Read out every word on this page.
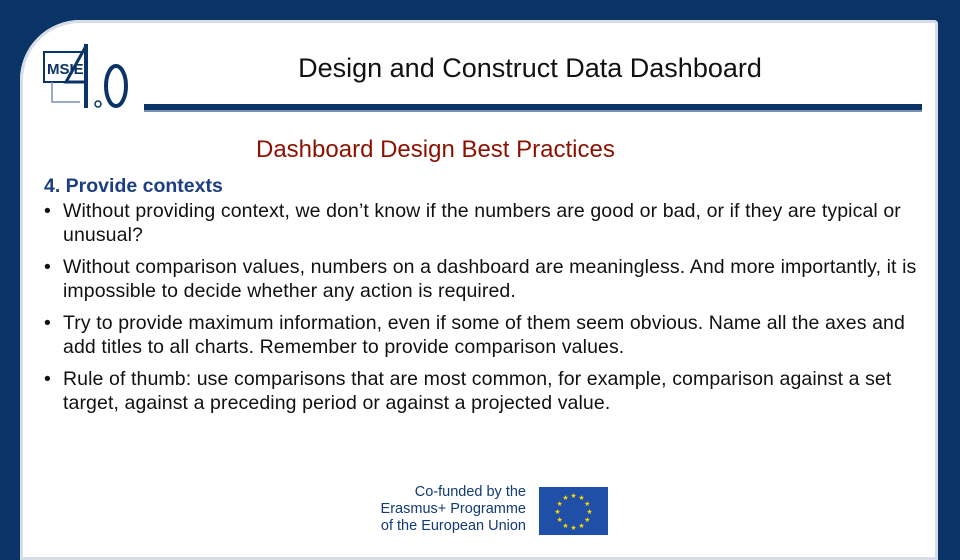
MSIE	Design and Construct Data Dashboard
Dashboard Design Best Practices
4. Provide contexts
• Without providing context, we don’t know if the numbers are good or bad, or if they are typical or unusual?
• Without comparison values, numbers on a dashboard are meaningless. And more importantly, it is impossible to decide whether any action is required.
• Try to provide maximum information, even if some of them seem obvious. Name all the axes and add titles to all charts. Remember to provide comparison values.
• Rule of thumb: use comparisons that are most common, for example, comparison against a set target, against a preceding period or against a projected value.
Co-funded by the
Erasmus+ Programme
of the European Union
★ ★
★
★
★
★
★
★
★
★
★
★
